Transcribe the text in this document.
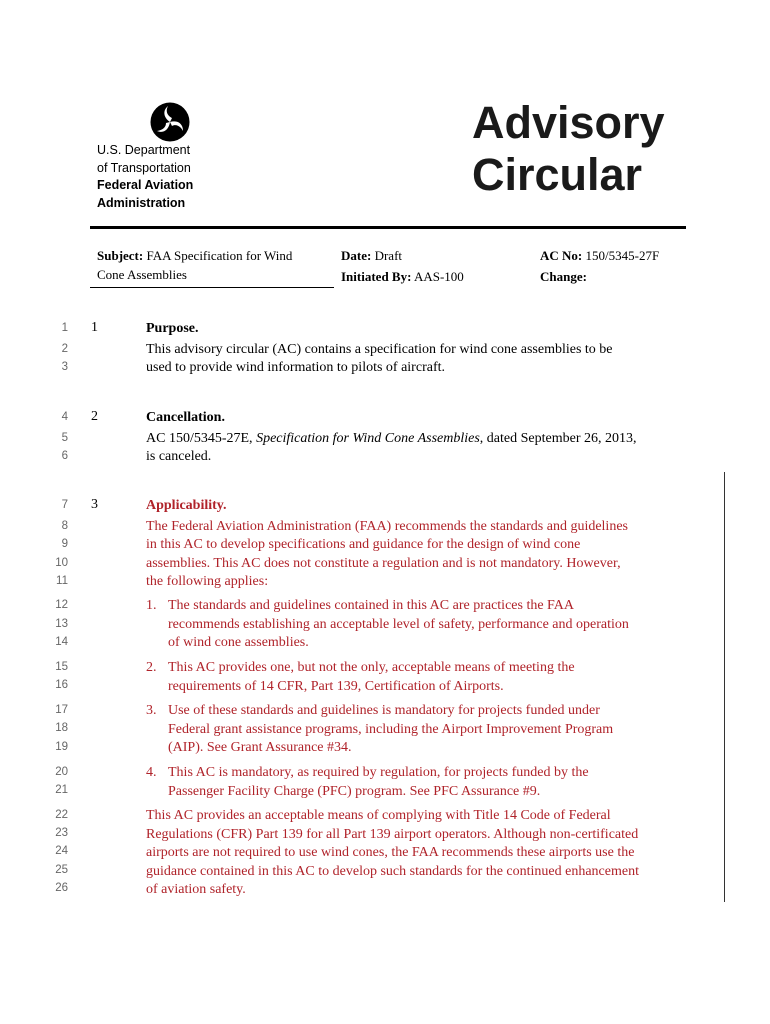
U.S. Department
of Transportation
Federal Aviation
Administration
Advisory
Circular
Subject: FAA Specification for Wind
Cone Assemblies
Date: Draft
Initiated By: AAS-100
AC No: 150/5345-27F
Change:
1
2
3
4
5
6
7
8
9
10
11
12
13
14
15
16
17
18
19
20
21
22
23
24
25
26
1	Purpose.
This advisory circular (AC) contains a specification for wind cone assemblies to be
used to provide wind information to pilots of aircraft.
2	Cancellation.
AC 150/5345-27E, Specification for Wind Cone Assemblies, dated September 26, 2013,
is canceled.
3	Applicability.
The Federal Aviation Administration (FAA) recommends the standards and guidelines
in this AC to develop specifications and guidance for the design of wind cone
assemblies. This AC does not constitute a regulation and is not mandatory. However,
the following applies:
1. The standards and guidelines contained in this AC are practices the FAA
recommends establishing an acceptable level of safety, performance and operation
of wind cone assemblies.
2. This AC provides one, but not the only, acceptable means of meeting the
requirements of 14 CFR, Part 139, Certification of Airports.
3. Use of these standards and guidelines is mandatory for projects funded under
Federal grant assistance programs, including the Airport Improvement Program
(AIP). See Grant Assurance #34.
4. This AC is mandatory, as required by regulation, for projects funded by the
Passenger Facility Charge (PFC) program. See PFC Assurance #9.
This AC provides an acceptable means of complying with Title 14 Code of Federal
Regulations (CFR) Part 139 for all Part 139 airport operators. Although non-certificated
airports are not required to use wind cones, the FAA recommends these airports use the
guidance contained in this AC to develop such standards for the continued enhancement
of aviation safety.
